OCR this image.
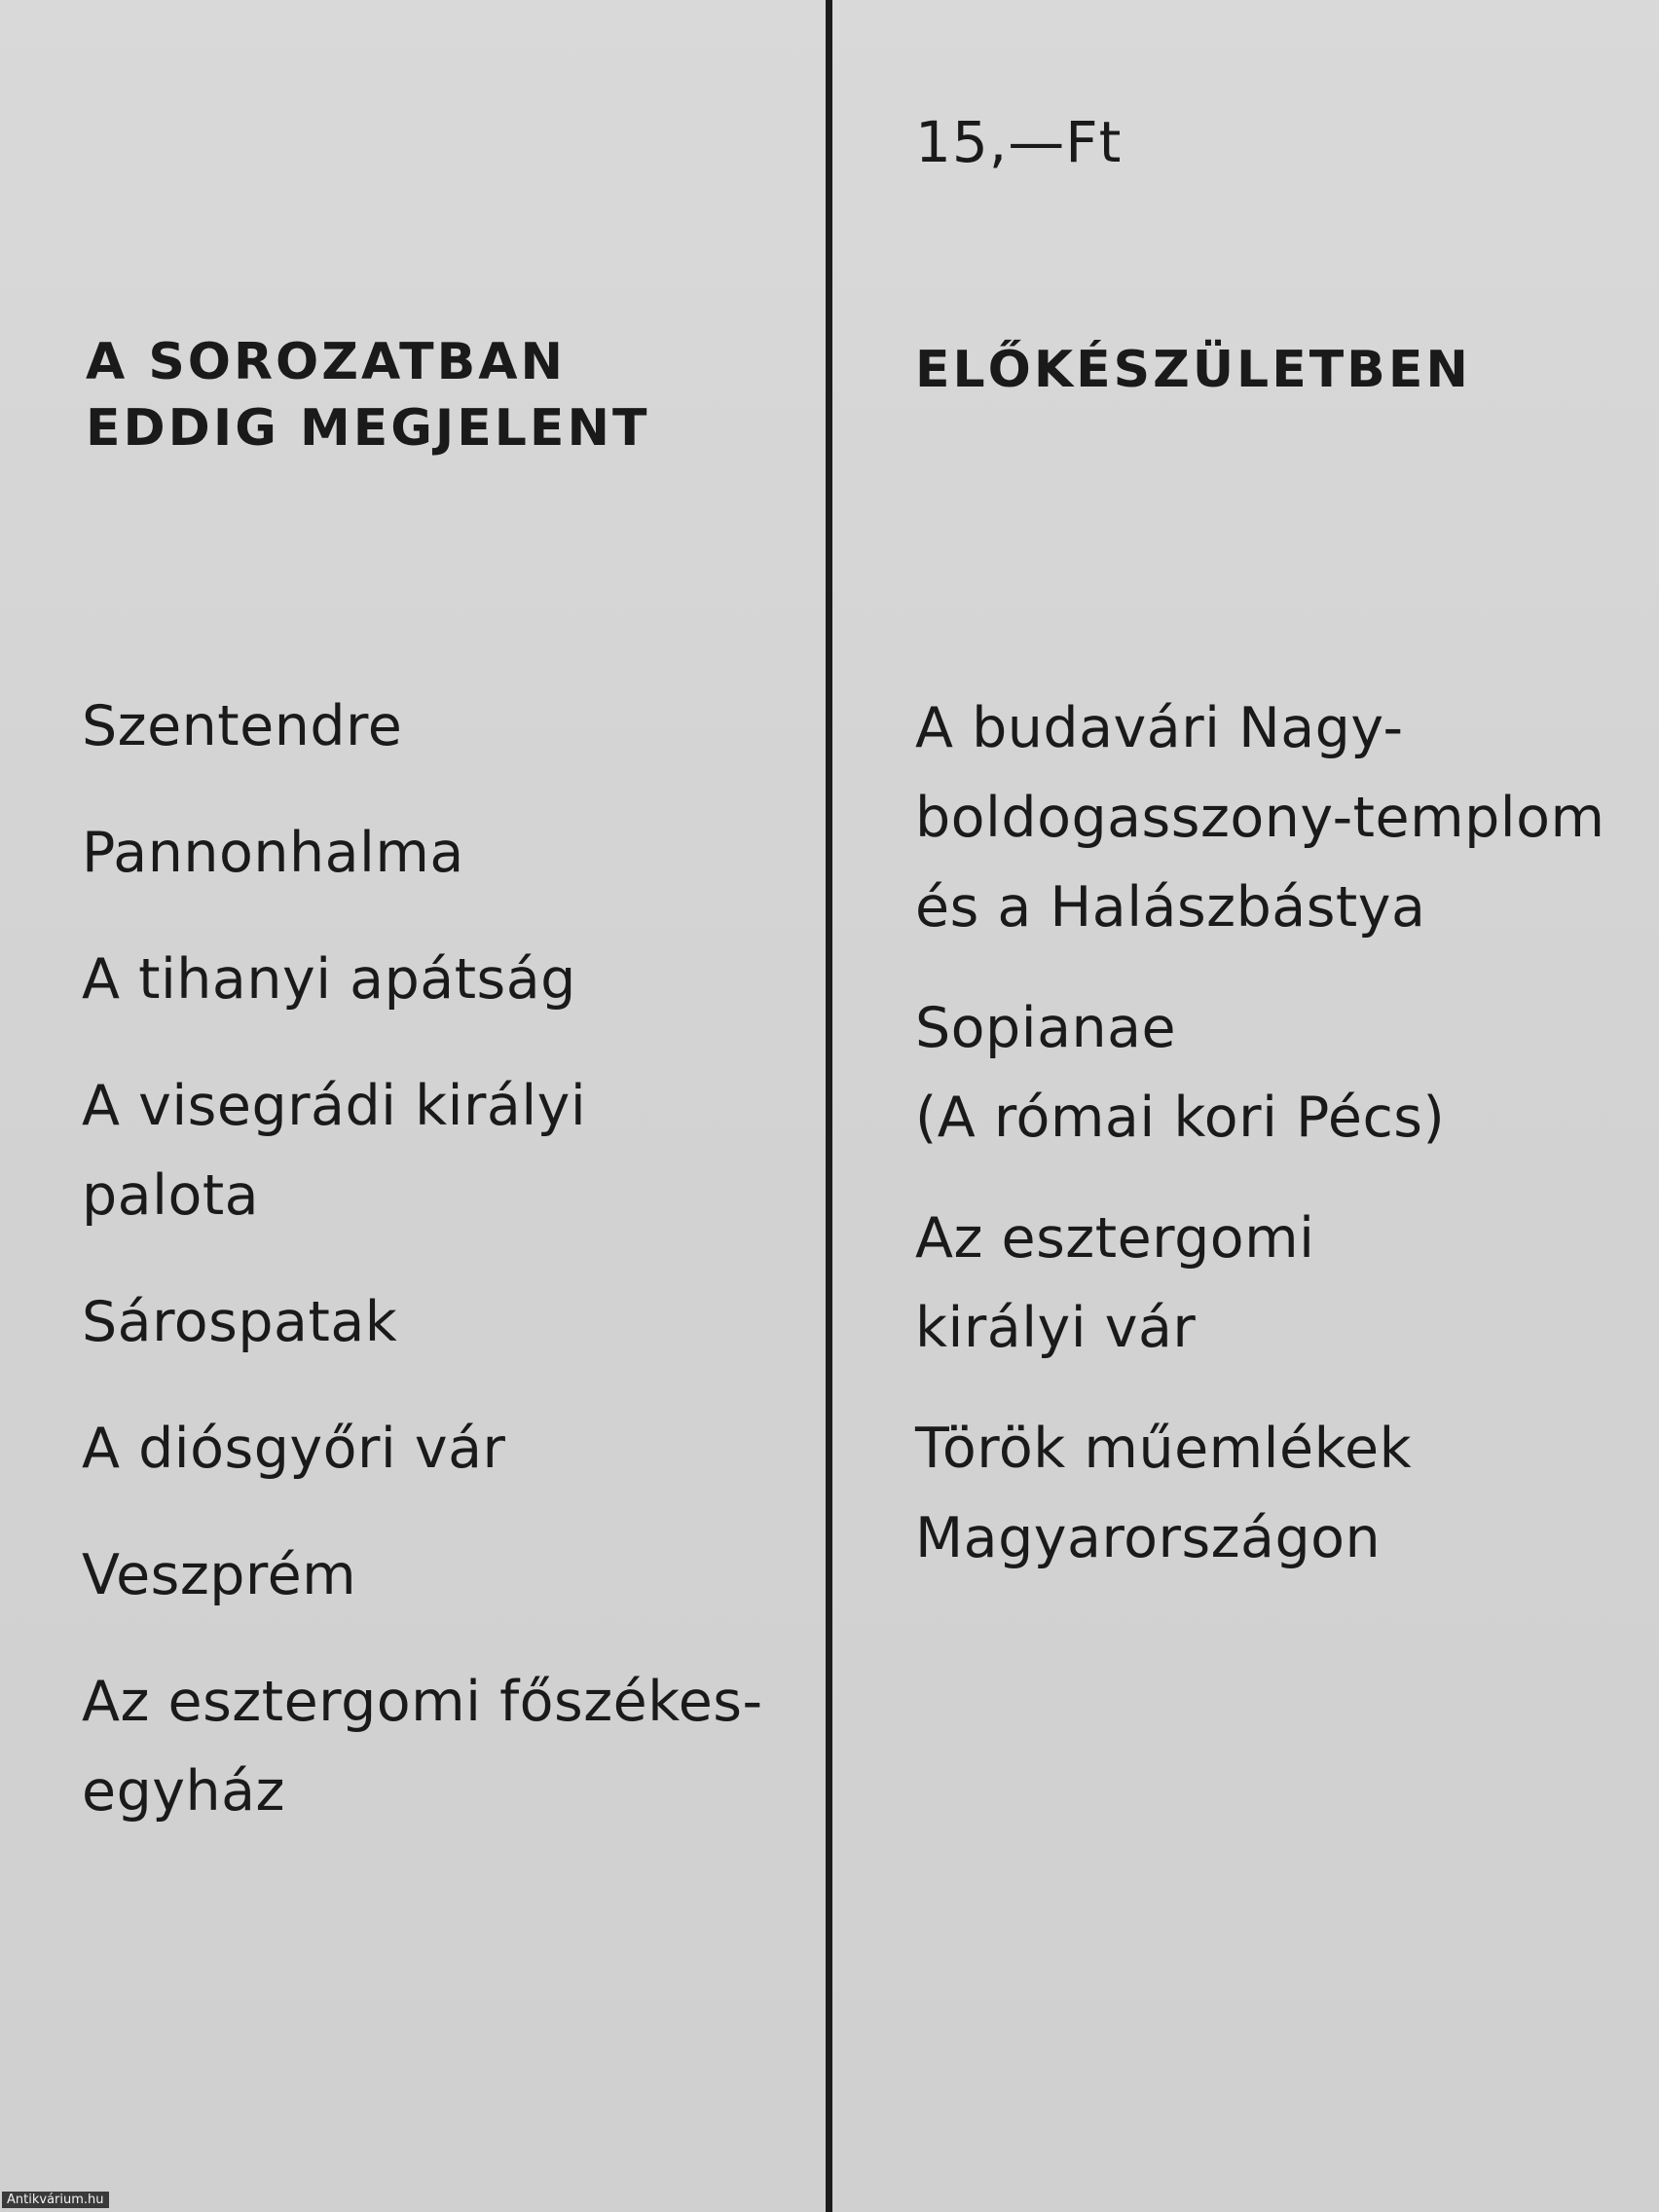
15,—Ft

A SOROZATBAN
EDDIG MEGJELENT
ELŐKÉSZÜLETBEN
Szentendre
Pannonhalma
A tihanyi apátság
A visegrádi királyi
palota
Sárospatak
A diósgyőri vár
Veszprém
Az esztergomi főszékes-
egyház
A budavári Nagy-
boldogasszony-templom
és a Halászbástya
Sopianae
(A római kori Pécs)
Az esztergomi
királyi vár
Török műemlékek
Magyarországon
Antikvárium.hu
